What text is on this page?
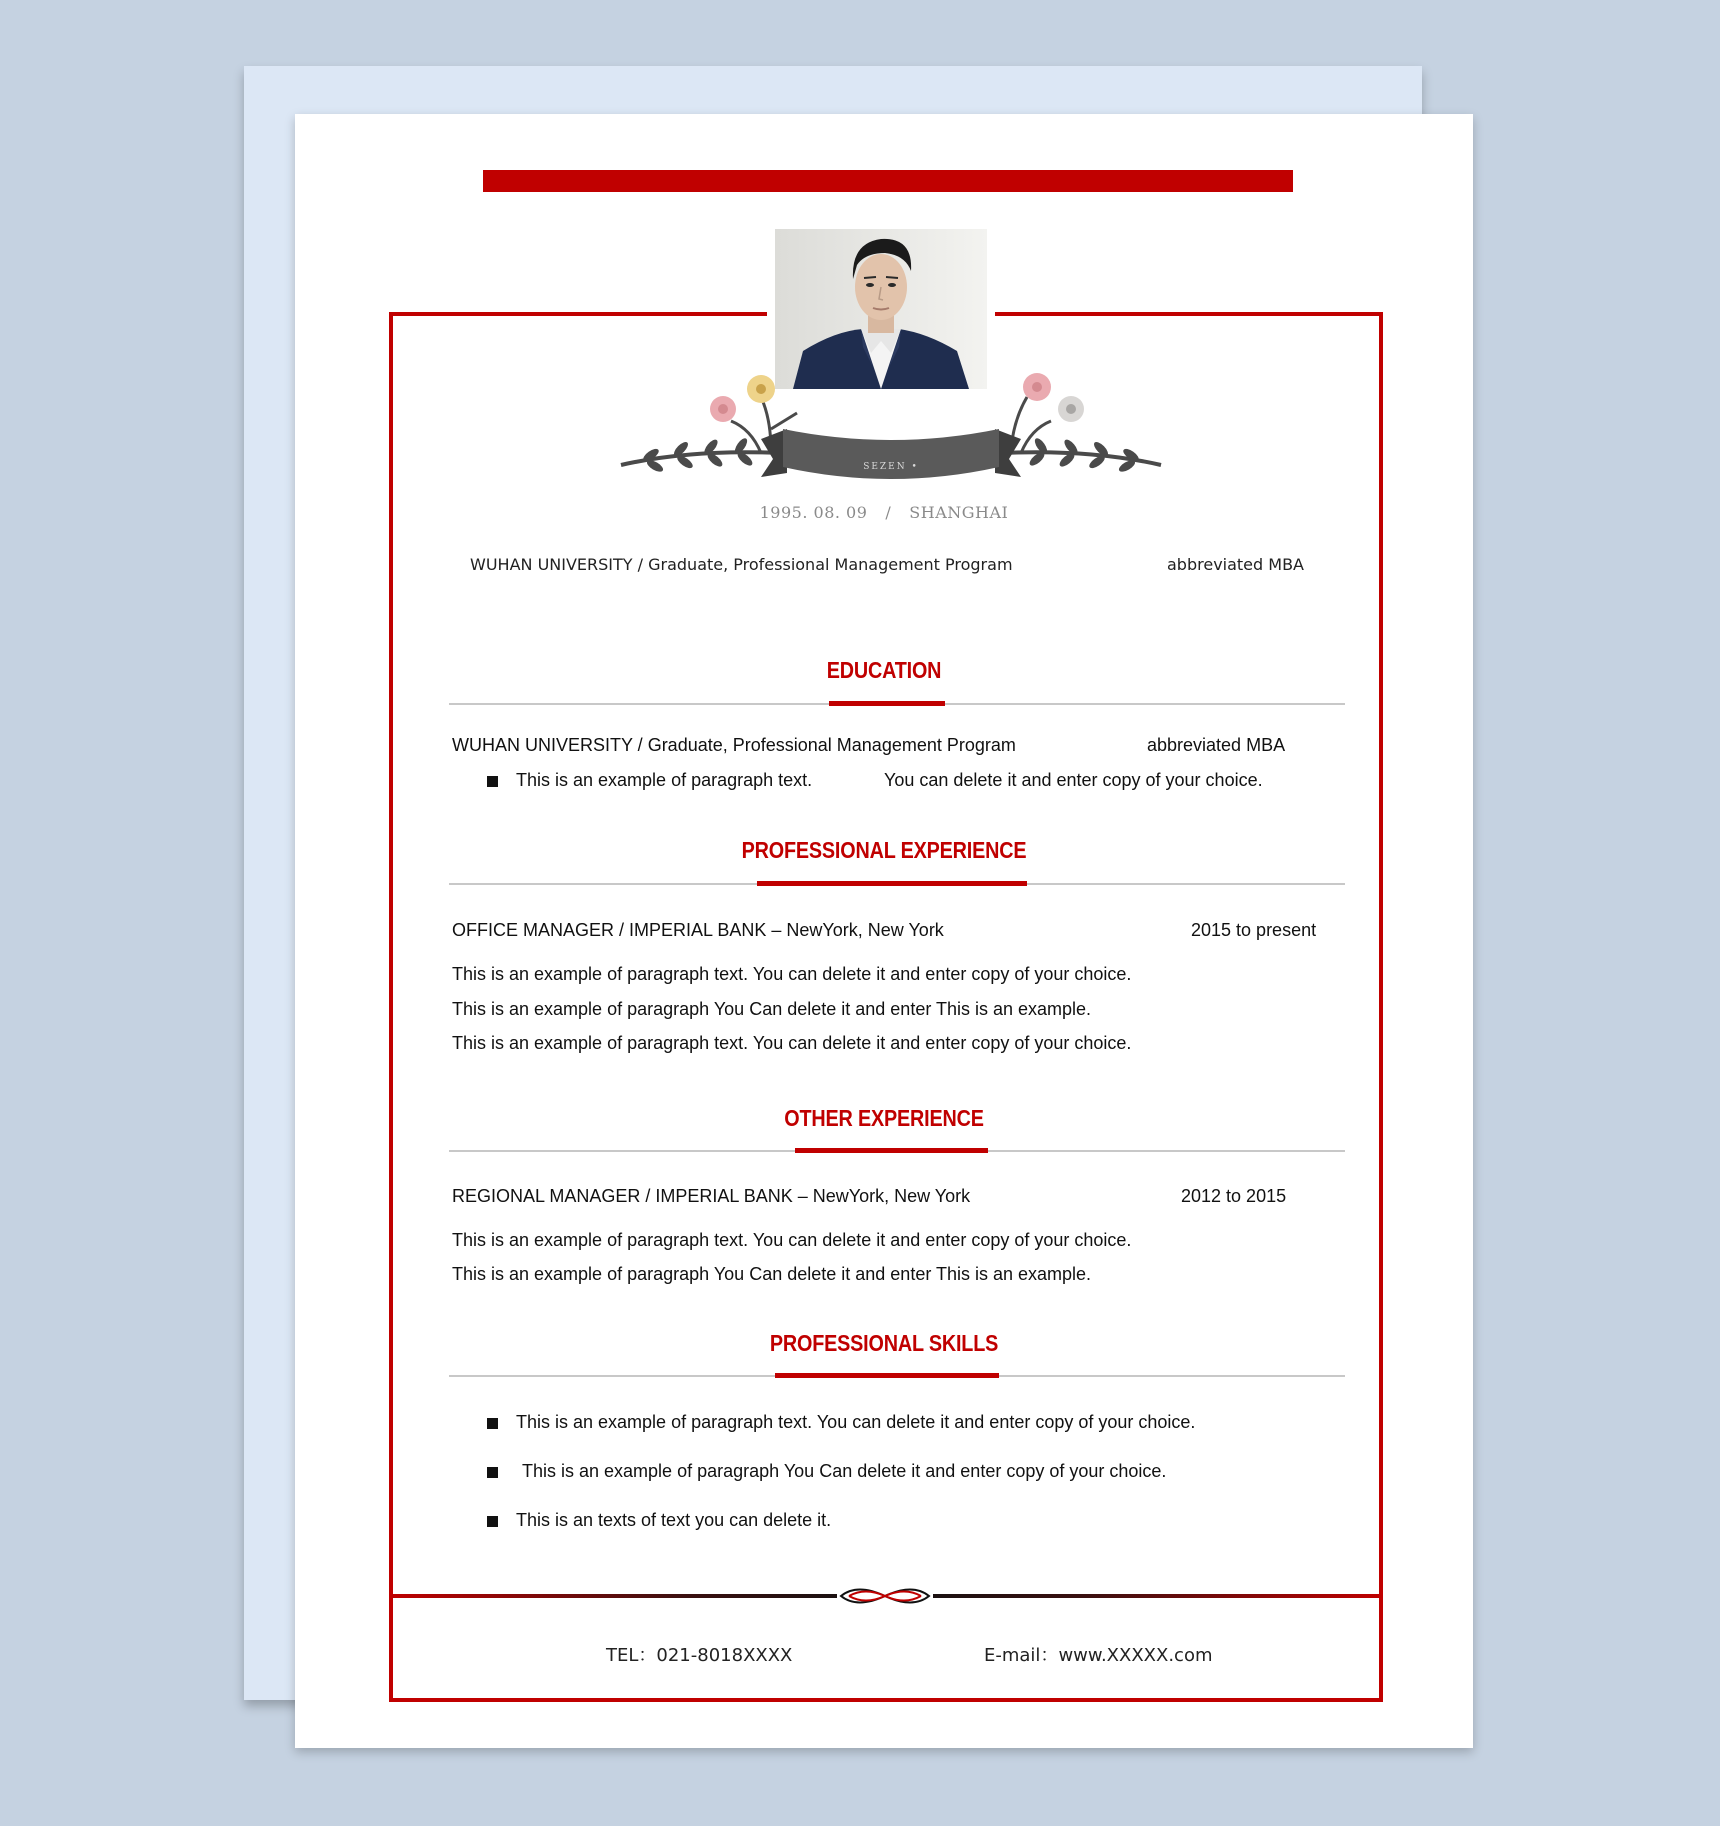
SEZEN •
1995. 08. 09 / SHANGHAI
WUHAN UNIVERSITY / Graduate, Professional Management Program	abbreviated MBA
EDUCATION
WUHAN UNIVERSITY / Graduate, Professional Management Program	abbreviated MBA
This is an example of paragraph text.	You can delete it and enter copy of your choice.
PROFESSIONAL EXPERIENCE
OFFICE MANAGER / IMPERIAL BANK – NewYork, New York	2015 to present
This is an example of paragraph text. You can delete it and enter copy of your choice.
This is an example of paragraph You Can delete it and enter This is an example.
This is an example of paragraph text. You can delete it and enter copy of your choice.
OTHER EXPERIENCE
REGIONAL MANAGER / IMPERIAL BANK – NewYork, New York	2012 to 2015
This is an example of paragraph text. You can delete it and enter copy of your choice.
This is an example of paragraph You Can delete it and enter This is an example.
PROFESSIONAL SKILLS
This is an example of paragraph text. You can delete it and enter copy of your choice.
This is an example of paragraph You Can delete it and enter copy of your choice.
This is an texts of text you can delete it.
TEL：021-8018XXXX	E-mail：www.XXXXX.com
